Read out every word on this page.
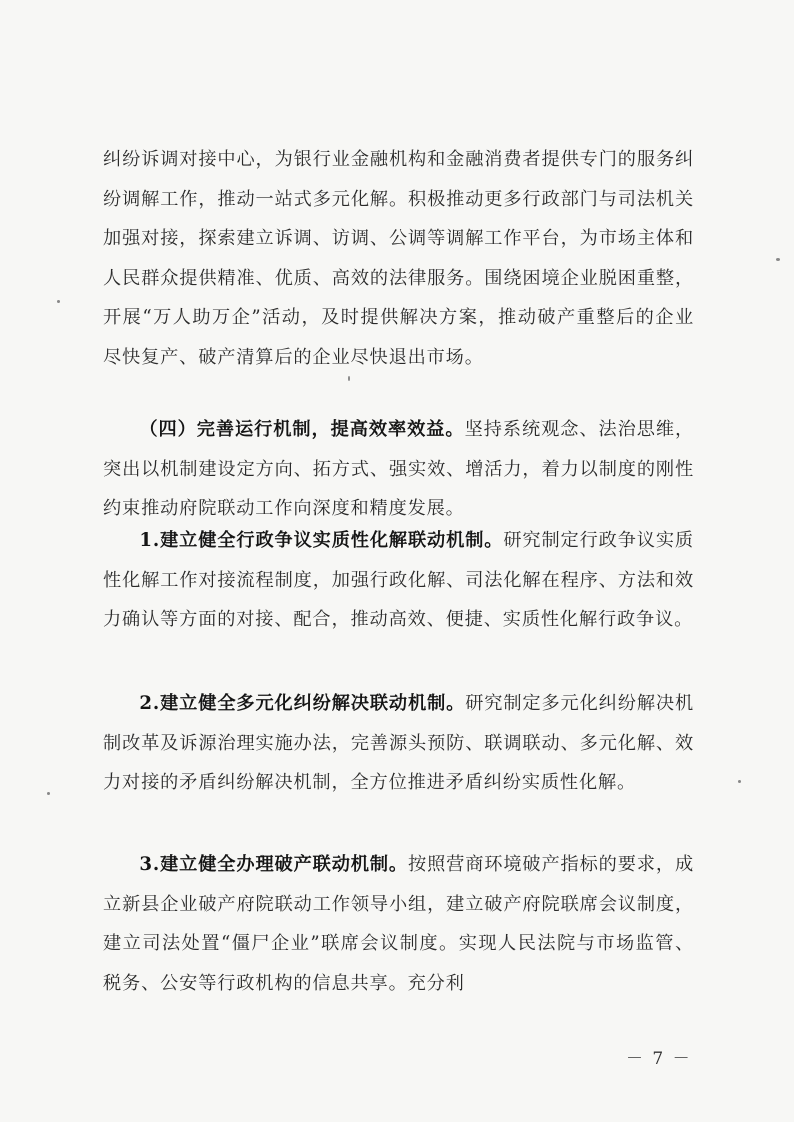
纠纷诉调对接中心，为银行业金融机构和金融消费者提供专门的服务纠纷调解工作，推动一站式多元化解。积极推动更多行政部门与司法机关加强对接，探索建立诉调、访调、公调等调解工作平台，为市场主体和人民群众提供精准、优质、高效的法律服务。围绕困境企业脱困重整，开展“万人助万企”活动，及时提供解决方案，推动破产重整后的企业尽快复产、破产清算后的企业尽快退出市场。

（四）完善运行机制，提高效率效益。坚持系统观念、法治思维，突出以机制建设定方向、拓方式、强实效、增活力，着力以制度的刚性约束推动府院联动工作向深度和精度发展。

1.建立健全行政争议实质性化解联动机制。研究制定行政争议实质性化解工作对接流程制度，加强行政化解、司法化解在程序、方法和效力确认等方面的对接、配合，推动高效、便捷、实质性化解行政争议。

2.建立健全多元化纠纷解决联动机制。研究制定多元化纠纷解决机制改革及诉源治理实施办法，完善源头预防、联调联动、多元化解、效力对接的矛盾纠纷解决机制，全方位推进矛盾纠纷实质性化解。

3.建立健全办理破产联动机制。按照营商环境破产指标的要求，成立新县企业破产府院联动工作领导小组，建立破产府院联席会议制度，建立司法处置“僵尸企业”联席会议制度。实现人民法院与市场监管、税务、公安等行政机构的信息共享。充分利

－ 7 －
